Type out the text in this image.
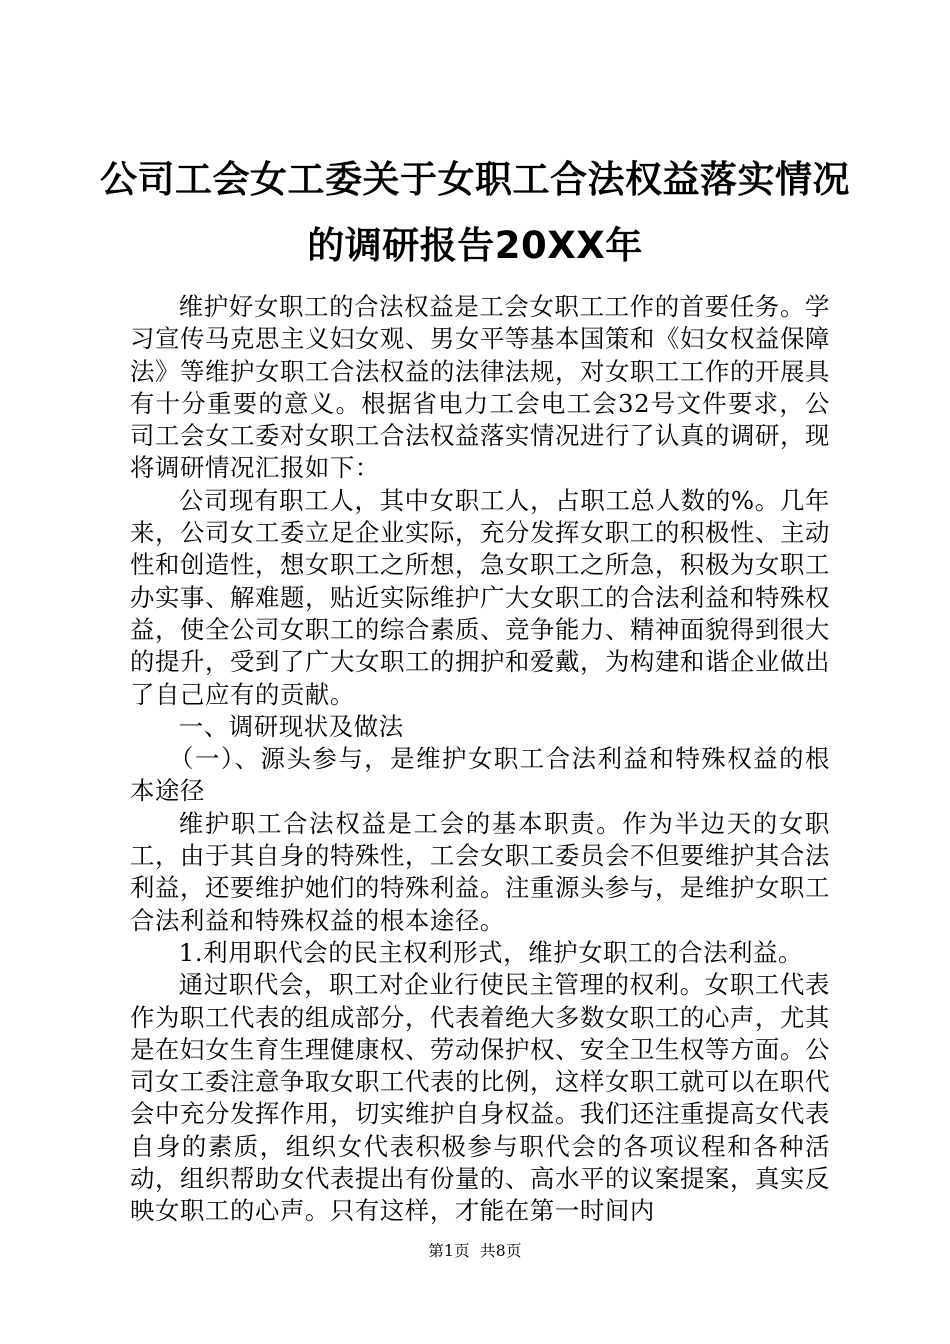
公司工会女工委关于女职工合法权益落实情况
的调研报告20XX年

维护好女职工的合法权益是工会女职工工作的首要任务。学习宣传马克思主义妇女观、男女平等基本国策和《妇女权益保障法》等维护女职工合法权益的法律法规，对女职工工作的开展具有十分重要的意义。根据省电力工会电工会32号文件要求，公司工会女工委对女职工合法权益落实情况进行了认真的调研，现将调研情况汇报如下：

公司现有职工人，其中女职工人，占职工总人数的%。几年来，公司女工委立足企业实际，充分发挥女职工的积极性、主动性和创造性，想女职工之所想，急女职工之所急，积极为女职工办实事、解难题，贴近实际维护广大女职工的合法利益和特殊权益，使全公司女职工的综合素质、竞争能力、精神面貌得到很大的提升，受到了广大女职工的拥护和爱戴，为构建和谐企业做出了自己应有的贡献。

一、调研现状及做法

（一）、源头参与，是维护女职工合法利益和特殊权益的根本途径

维护职工合法权益是工会的基本职责。作为半边天的女职工，由于其自身的特殊性，工会女职工委员会不但要维护其合法利益，还要维护她们的特殊利益。注重源头参与，是维护女职工合法利益和特殊权益的根本途径。

1.利用职代会的民主权利形式，维护女职工的合法利益。

通过职代会，职工对企业行使民主管理的权利。女职工代表作为职工代表的组成部分，代表着绝大多数女职工的心声，尤其是在妇女生育生理健康权、劳动保护权、安全卫生权等方面。公司女工委注意争取女职工代表的比例，这样女职工就可以在职代会中充分发挥作用，切实维护自身权益。我们还注重提高女代表自身的素质，组织女代表积极参与职代会的各项议程和各种活动，组织帮助女代表提出有份量的、高水平的议案提案，真实反映女职工的心声。只有这样，才能在第一时间内

第1页 共8页
